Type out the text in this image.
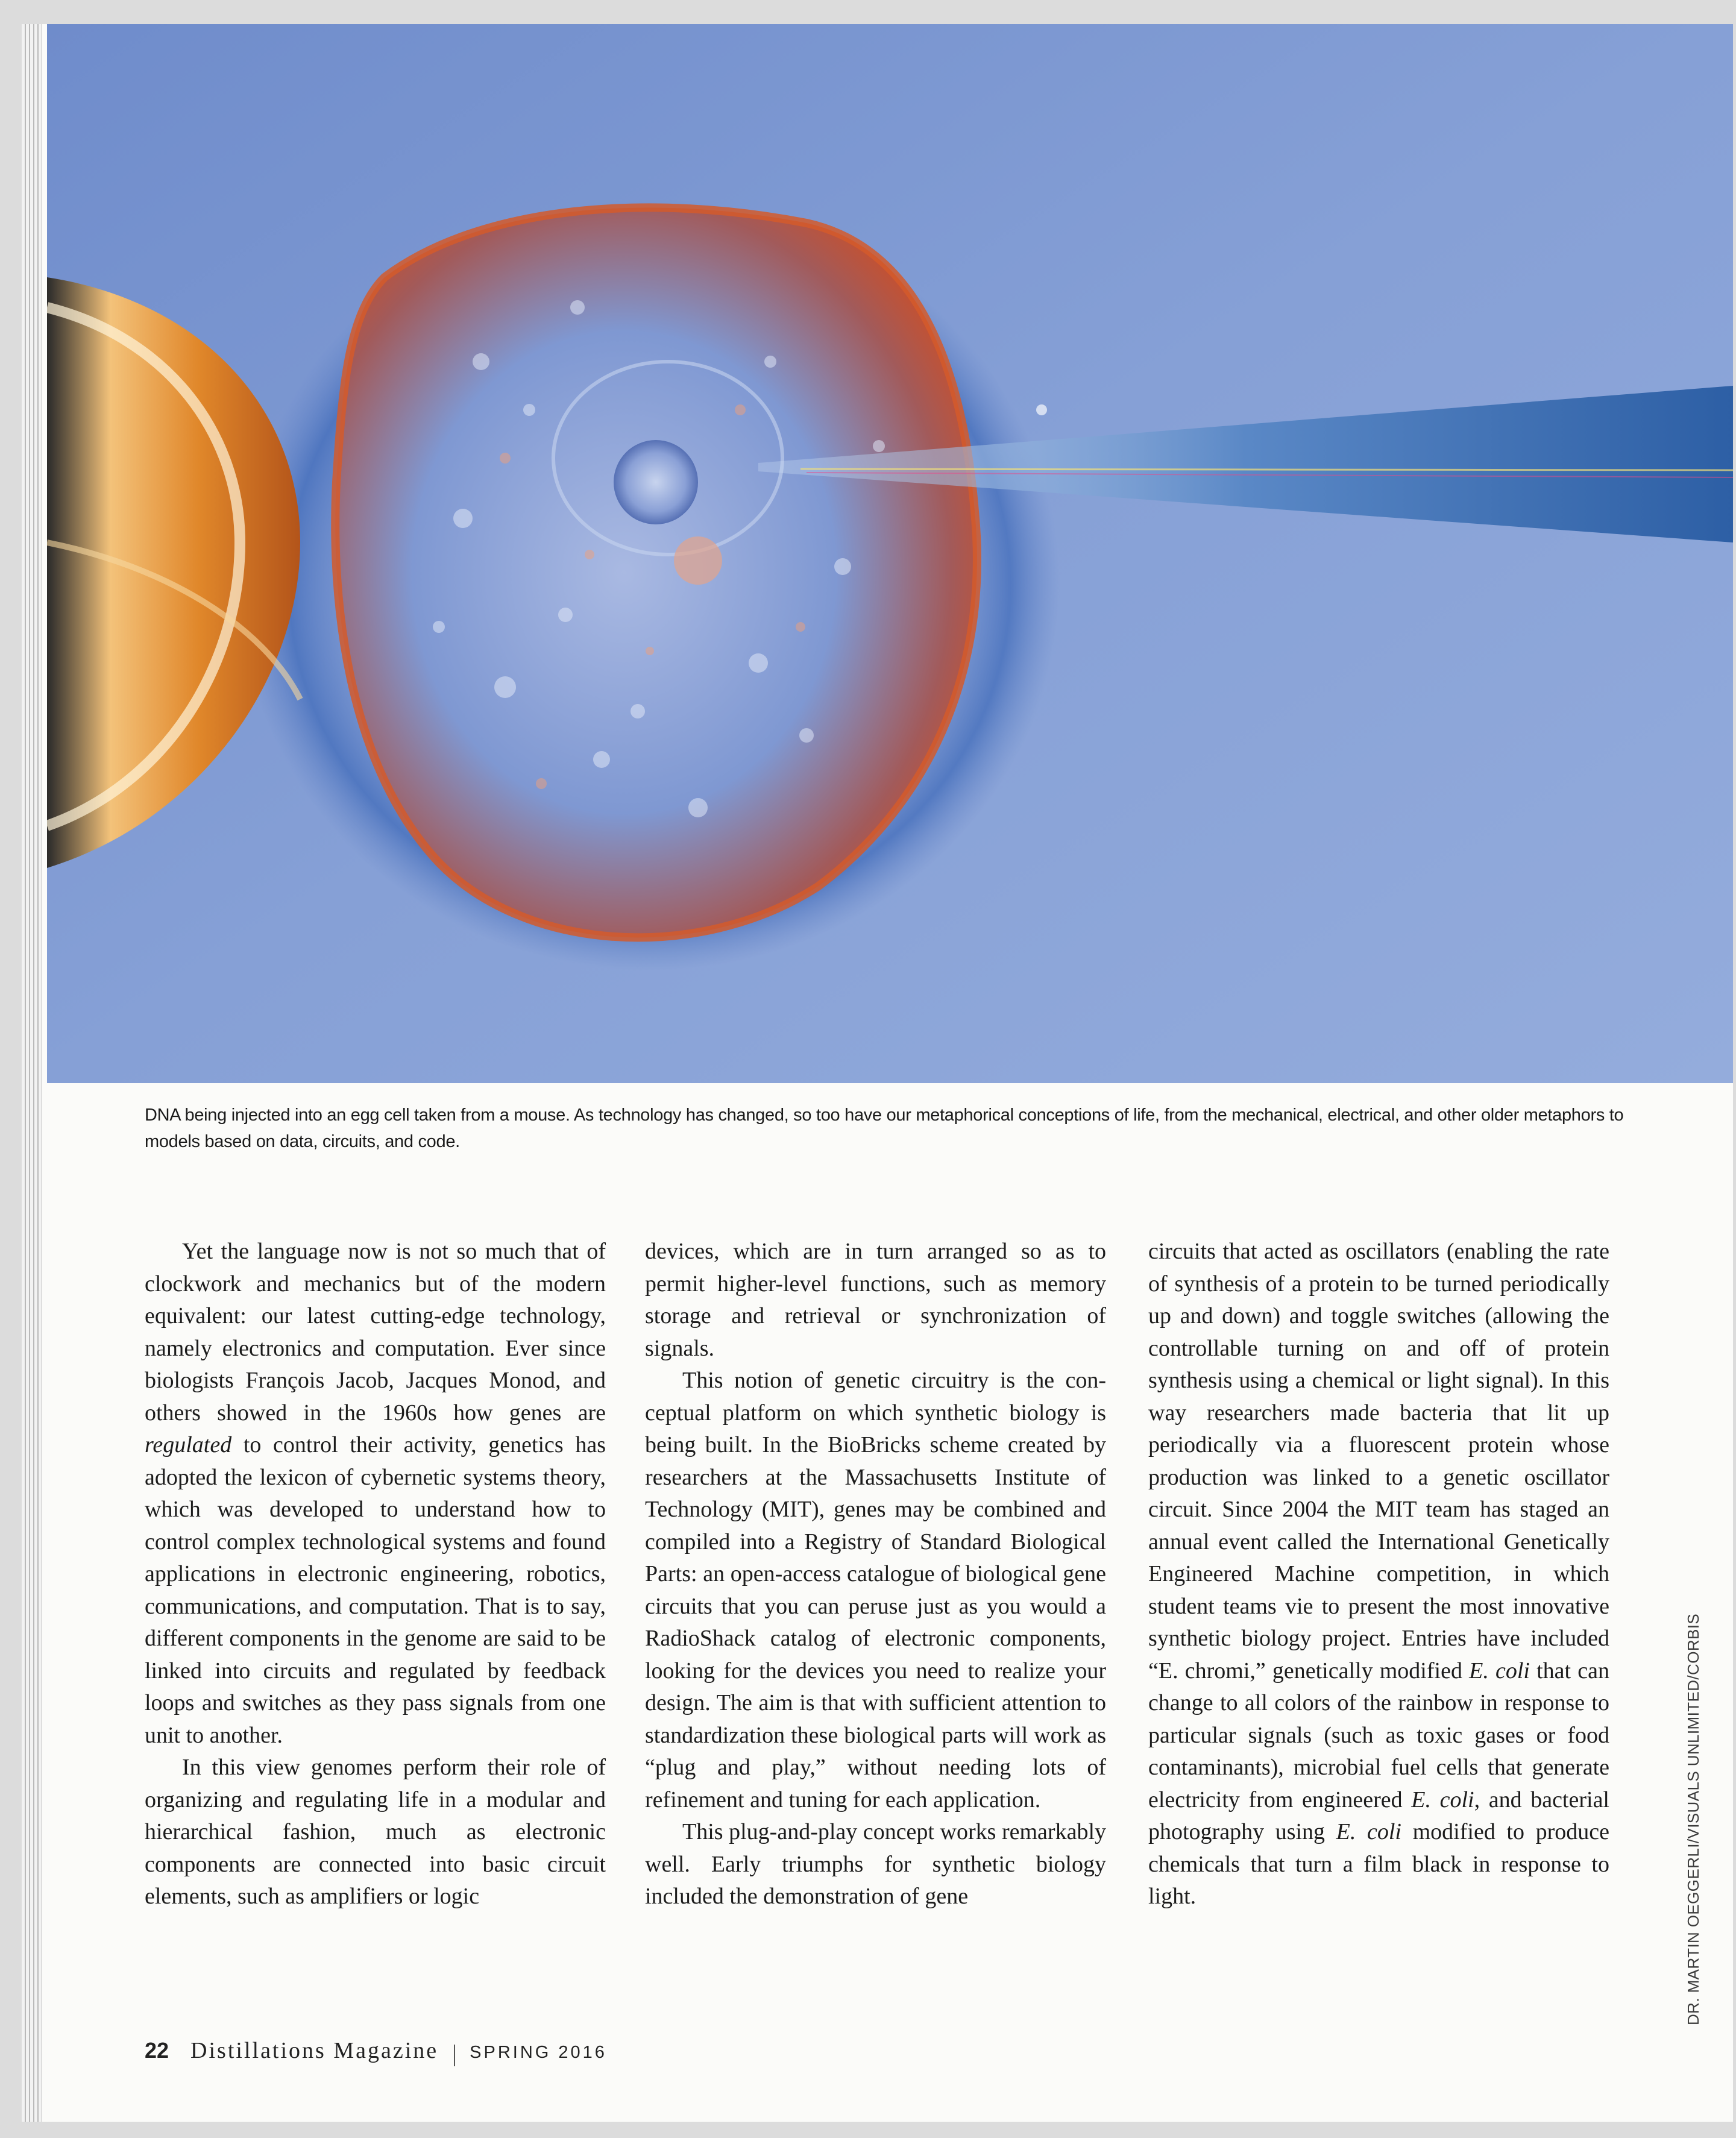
DNA being injected into an egg cell taken from a mouse. As technology has changed, so too have our metaphorical conceptions of life, from the mechanical, electrical, and other older metaphors to models based on data, circuits, and code.

Yet the language now is not so much that of clockwork and mechanics but of the modern equivalent: our latest cutting-edge technology, namely electronics and computation. Ever since biologists François Jacob, Jacques Monod, and others showed in the 1960s how genes are regulated to control their activity, genetics has adopted the lexicon of cybernetic systems theory, which was developed to understand how to control complex technological systems and found applications in electronic engineering, robotics, communications, and computation. That is to say, different components in the genome are said to be linked into circuits and regulated by feedback loops and switches as they pass signals from one unit to another.

In this view genomes perform their role of organizing and regulating life in a modular and hierarchical fashion, much as electronic components are connected into basic circuit elements, such as amplifiers or logic

devices, which are in turn arranged so as to permit higher-level functions, such as memory storage and retrieval or synchronization of signals.

This notion of genetic circuitry is the conceptual platform on which synthetic biology is being built. In the BioBricks scheme created by researchers at the Massachusetts Institute of Technology (MIT), genes may be combined and compiled into a Registry of Standard Biological Parts: an open-access catalogue of biological gene circuits that you can peruse just as you would a RadioShack catalog of electronic components, looking for the devices you need to realize your design. The aim is that with sufficient attention to standardization these biological parts will work as “plug and play,” without needing lots of refinement and tuning for each application.

This plug-and-play concept works remarkably well. Early triumphs for synthetic biology included the demonstration of gene

circuits that acted as oscillators (enabling the rate of synthesis of a protein to be turned periodically up and down) and toggle switches (allowing the controllable turning on and off of protein synthesis using a chemical or light signal). In this way researchers made bacteria that lit up periodically via a fluorescent protein whose production was linked to a genetic oscillator circuit. Since 2004 the MIT team has staged an annual event called the International Genetically Engineered Machine competition, in which student teams vie to present the most innovative synthetic biology project. Entries have included “E. chromi,” genetically modified E. coli that can change to all colors of the rainbow in response to particular signals (such as toxic gases or food contaminants), microbial fuel cells that generate electricity from engineered E. coli, and bacterial photography using E. coli modified to produce chemicals that turn a film black in response to light.	DR. MARTIN OEGGERLI/VISUALS UNLIMITED/CORBIS
22 Distillations Magazine SPRING 2016
